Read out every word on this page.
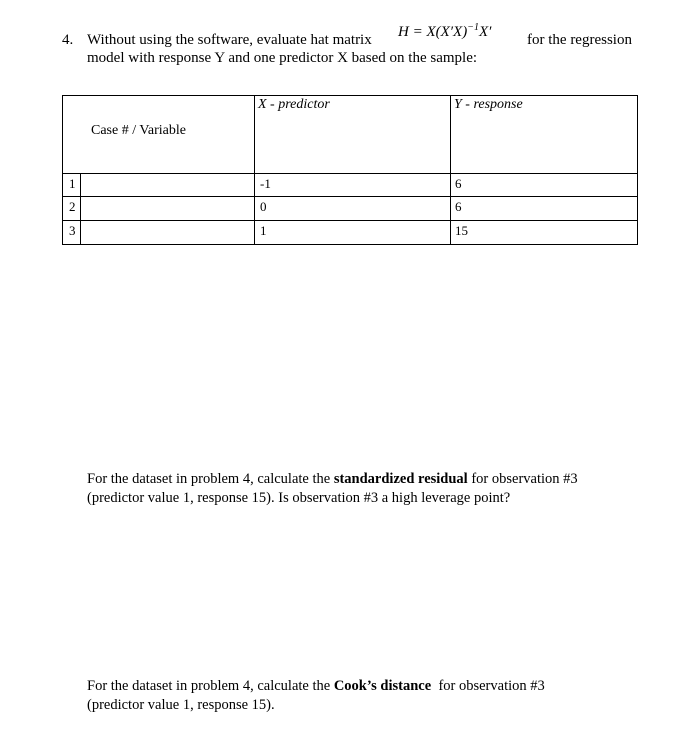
4. Without using the software, evaluate hat matrix $H = X(X'X)^{-1}X'$ for the regression
model with response Y and one predictor X based on the sample:
Case # / Variable
X - predictor	Y - response
1	-1	6
2	0	6
3	1	15
For the dataset in problem 4, calculate the standardized residual for observation #3
(predictor value 1, response 15). Is observation #3 a high leverage point?
For the dataset in problem 4, calculate the Cook’s distance  for observation #3
(predictor value 1, response 15).
